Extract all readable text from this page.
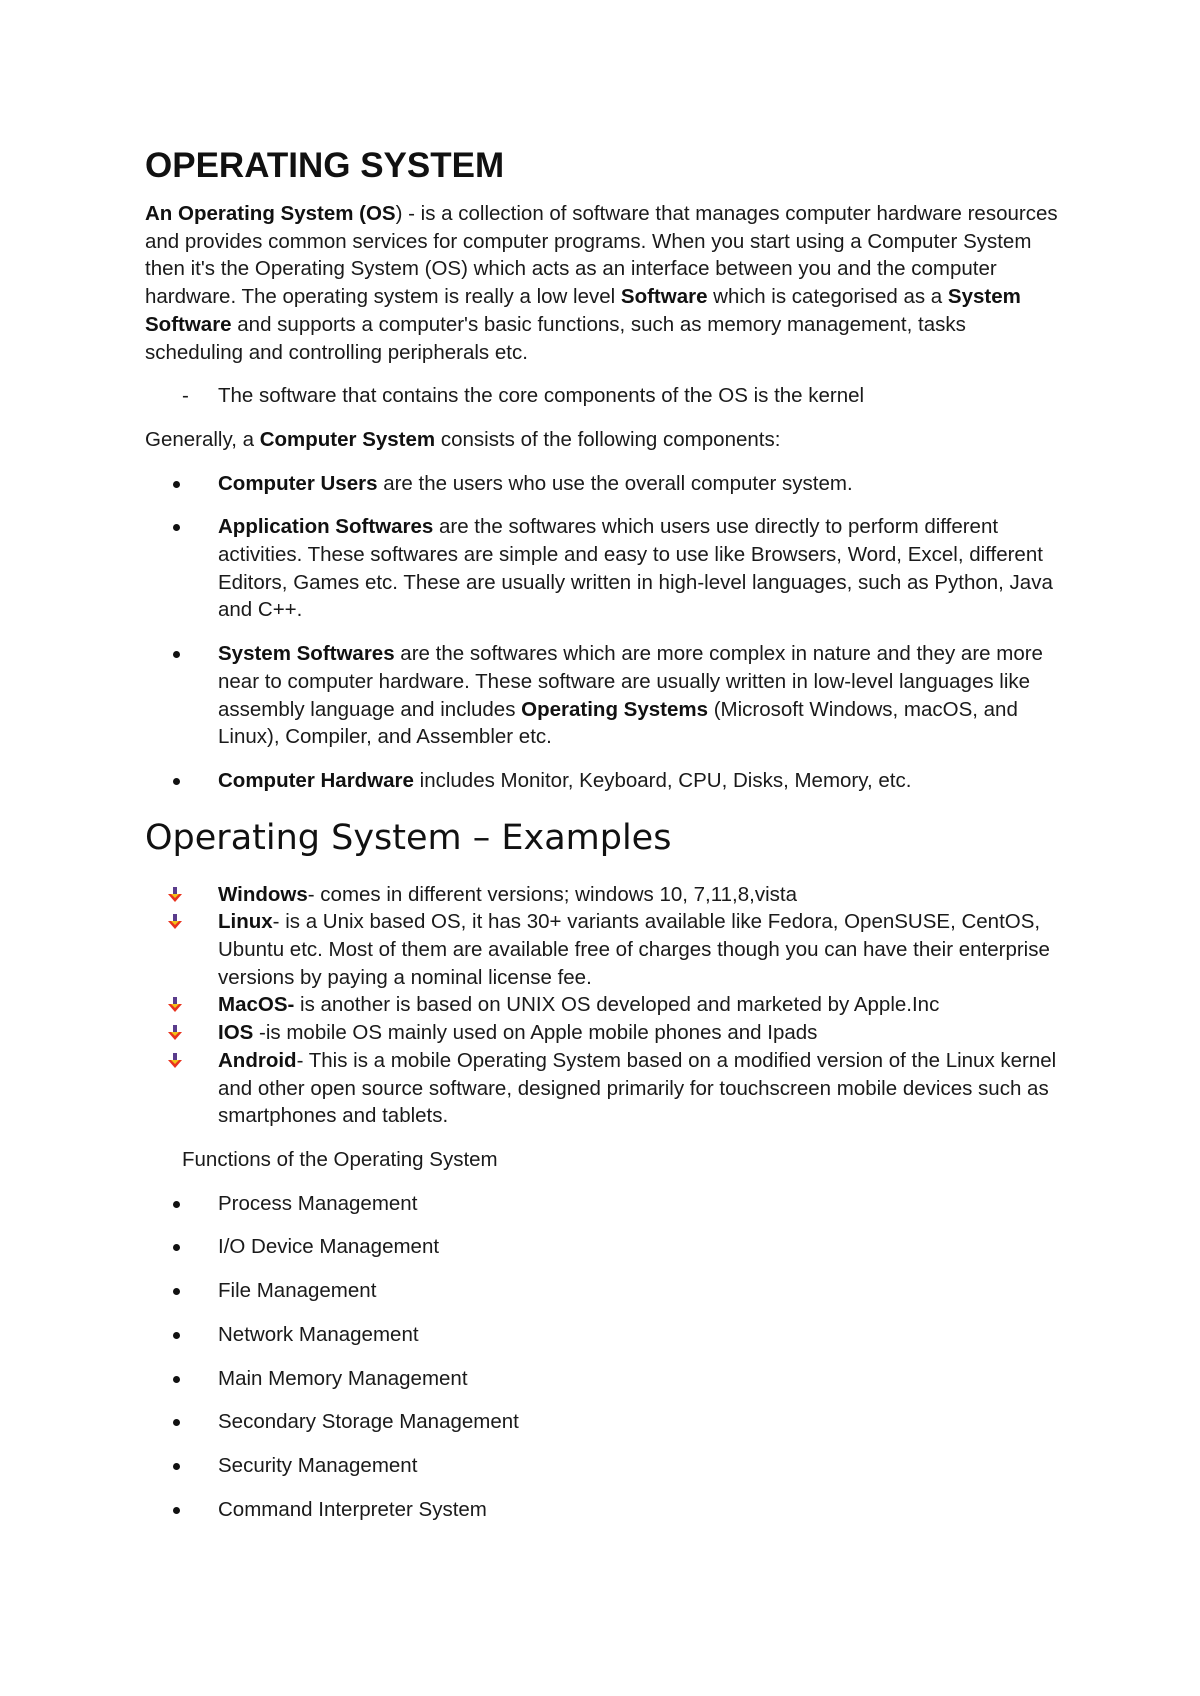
OPERATING SYSTEM

An Operating System (OS) - is a collection of software that manages computer hardware resources and provides common services for computer programs. When you start using a Computer System then it's the Operating System (OS) which acts as an interface between you and the computer hardware. The operating system is really a low level Software which is categorised as a System Software and supports a computer's basic functions, such as memory management, tasks scheduling and controlling peripherals etc.

-	The software that contains the core components of the OS is the kernel

Generally, a Computer System consists of the following components:

Computer Users are the users who use the overall computer system.
Application Softwares are the softwares which users use directly to perform different activities. These softwares are simple and easy to use like Browsers, Word, Excel, different Editors, Games etc. These are usually written in high-level languages, such as Python, Java and C++.
System Softwares are the softwares which are more complex in nature and they are more near to computer hardware. These software are usually written in low-level languages like assembly language and includes Operating Systems (Microsoft Windows, macOS, and Linux), Compiler, and Assembler etc.
Computer Hardware includes Monitor, Keyboard, CPU, Disks, Memory, etc.
Operating System – Examples
Windows- comes in different versions; windows 10, 7,11,8,vista
Linux- is a Unix based OS, it has 30+ variants available like Fedora, OpenSUSE, CentOS, Ubuntu etc. Most of them are available free of charges though you can have their enterprise versions by paying a nominal license fee.
MacOS- is another is based on UNIX OS developed and marketed by Apple.Inc
IOS -is mobile OS mainly used on Apple mobile phones and Ipads
Android- This is a mobile Operating System based on a modified version of the Linux kernel and other open source software, designed primarily for touchscreen mobile devices such as smartphones and tablets.

Functions of the Operating System

Process Management
I/O Device Management
File Management
Network Management
Main Memory Management
Secondary Storage Management
Security Management
Command Interpreter System
